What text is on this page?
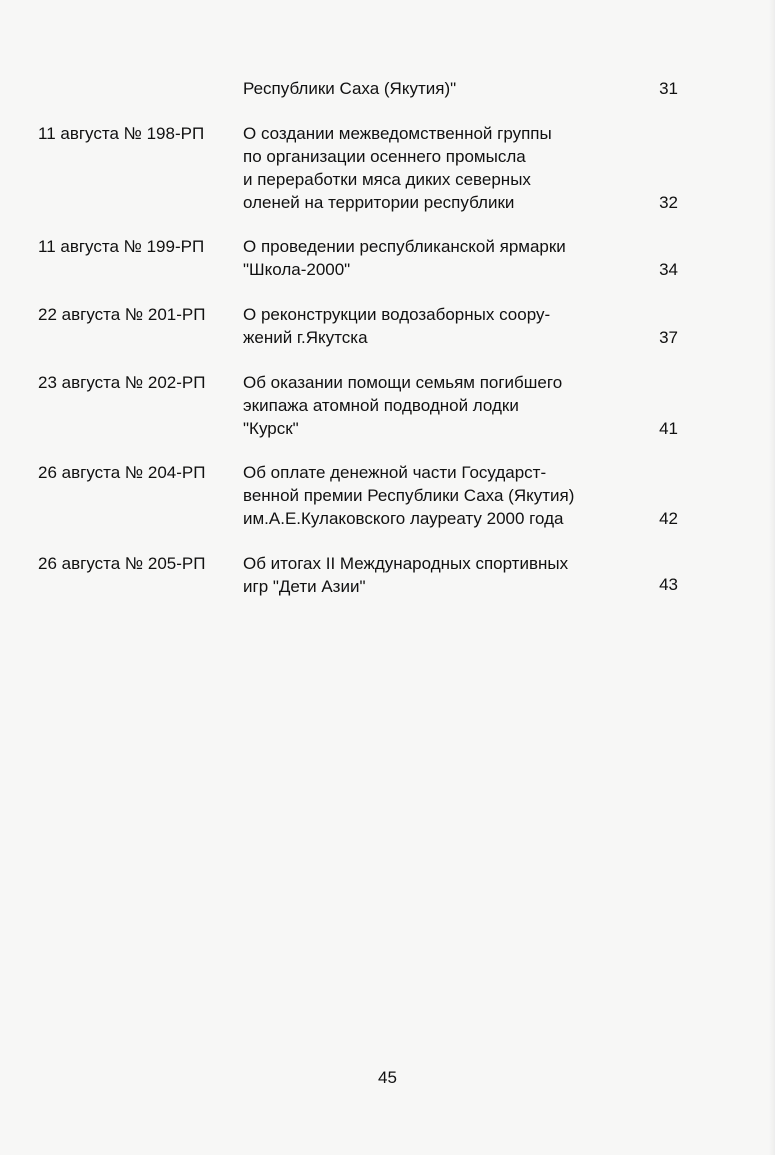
Республики Саха (Якутия)"	31
11 августа № 198-РП О создании межведомственной группы
по организации осеннего промысла
и переработки мяса диких северных
оленей на территории республики	32
11 августа № 199-РП О проведении республиканской ярмарки
"Школа-2000"	34
22 августа № 201-РП О реконструкции водозаборных соору-
жений г.Якутска	37
23 августа № 202-РП Об оказании помощи семьям погибшего
экипажа атомной подводной лодки
"Курск"	41
26 августа № 204-РП Об оплате денежной части Государст-
венной премии Республики Саха (Якутия)
им.А.Е.Кулаковского лауреату 2000 года	42
26 августа № 205-РП Об итогах II Международных спортивных
игр "Дети Азии"	43
45
